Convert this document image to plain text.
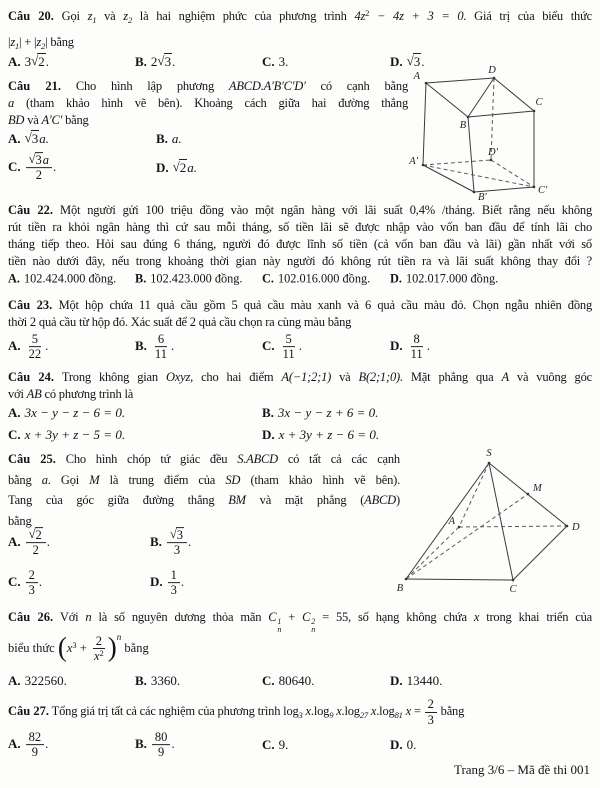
Câu 20. Gọi $z_1$ và $z_2$ là hai nghiệm phức của phương trình $4z^2 - 4z + 3 = 0$. Giá trị của biểu thức
$|z_1| + |z_2|$ bằng
A. 3√2.	B. 2√3.	C. 3.	D. √3.
Câu 21. Cho hình lập phương ABCD.A′B′C′D′ có cạnh bằng
a (tham khảo hình vẽ bên). Khoảng cách giữa hai đường thẳng
BD và A′C′ bằng
A. √3a.	B. a.
C. $\frac{√3a}{2}$ .	D. √2a.
A
D
B
C
A′
D′
B′
C′
Câu 22. Một người gửi 100 triệu đồng vào một ngân hàng với lãi suất 0,4% /tháng. Biết rằng nếu không
rút tiền ra khỏi ngân hàng thì cứ sau mỗi tháng, số tiền lãi sẽ được nhập vào vốn ban đầu để tính lãi cho
tháng tiếp theo. Hỏi sau đúng 6 tháng, người đó được lĩnh số tiền (cả vốn ban đầu và lãi) gần nhất với số
tiền nào dưới đây, nếu trong khoảng thời gian này người đó không rút tiền ra và lãi suất không thay đổi ?
A. 102.424.000 đồng. B. 102.423.000 đồng. C. 102.016.000 đồng. D. 102.017.000 đồng.
Câu 23. Một hộp chứa 11 quả cầu gồm 5 quả cầu màu xanh và 6 quả cầu màu đỏ. Chọn ngẫu nhiên đồng
thời 2 quả cầu từ hộp đó. Xác suất để 2 quả cầu chọn ra cùng màu bằng
A. $\frac{5}{22}$ .	B. $\frac{6}{11}$ .	C. $\frac{5}{11}$ .	D. $\frac{8}{11}$ .
Câu 24. Trong không gian Oxyz, cho hai điểm A(−1;2;1) và B(2;1;0). Mặt phẳng qua A và vuông góc
với AB có phương trình là
A. 3x − y − z − 6 = 0.	B. 3x − y − z + 6 = 0.
C. x + 3y + z − 5 = 0.	D. x + 3y + z − 6 = 0.
Câu 25. Cho hình chóp tứ giác đều S.ABCD có tất cả các cạnh
bằng a. Gọi M là trung điểm của SD (tham khảo hình vẽ bên).
Tang của góc giữa đường thẳng BM và mặt phẳng (ABCD)
bằng
A. $\frac{√2}{2}$ .	B. $\frac{√3}{3}$ .
C. $\frac{2}{3}$ .	D. $\frac{1}{3}$ .
S
M
D
A
B	C
Câu 26. Với n là số nguyên dương thỏa mãn C 1
n
+ C 2
n
= 55, số hạng không chứa x trong khai triển của
biểu thức $(x^3 + \frac{2}{x^2} )^n$ bằng
A. 322560.	B. 3360.	C. 80640.	D. 13440.
Câu 27. Tổng giá trị tất cả các nghiệm của phương trình $\log_3 x.\log_9$ $x.\log_{27}$ $x.\log_{81}$ $x = \frac{2}{3}$ bằng
A. $\frac{82}{9}$ .	B. $\frac{80}{9}$ .	C. 9.	D. 0.
Trang 3/6 – Mã đề thi 001
